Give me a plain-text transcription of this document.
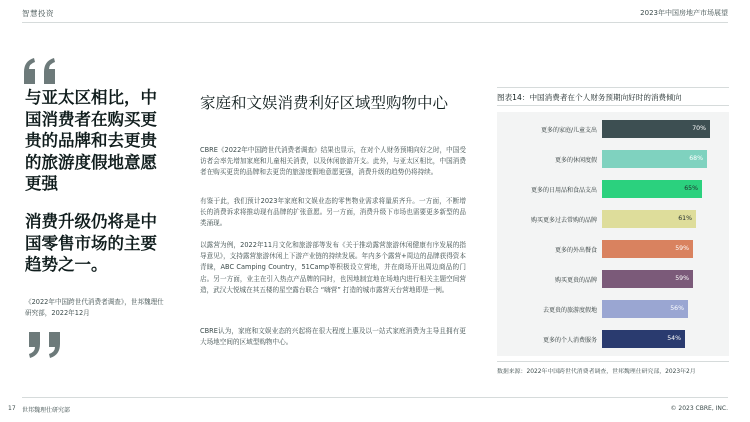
智慧投资	2023年中国房地产市场展望
与亚太区相比，中国消费者在购买更贵的品牌和去更贵的旅游度假地意愿更强
消费升级仍将是中国零售市场的主要趋势之一。
《2022年中国跨世代消费者调查》，世邦魏理仕研究部，2022年12月
家庭和文娱消费利好区域型购物中心
CBRE《2022年中国跨世代消费者调查》结果也显示，在对个人财务预期向好之时，中国受访者会率先增加家庭和儿童相关消费，以及休闲旅游开支。此外，与亚太区相比，中国消费者在购买更贵的品牌和去更贵的旅游度假地意愿更强，消费升级的趋势仍将持续。
有鉴于此，我们预计2023年家庭和文娱业态的零售物业需求将量质齐升。一方面，不断增长的消费诉求将推动现有品牌的扩张意愿。另一方面，消费升级下市场也需要更多新型的品类涌现。
以露营为例，2022年11月文化和旅游部等发布《关于推动露营旅游休闲健康有序发展的指导意见》，支持露营旅游休闲上下游产业链的持续发展。年内多个露营+周边的品牌获得资本青睐，ABC Camping Country，51Camp等积极设立营地，并在商场开出周边商品的门店。另一方面，业主在引入热点产品牌的同时，也因地制宜地在场地内进行相关主题空间营造，武汉大悦城在其五楼的星空露台联合 “嗨营” 打造的城市露营天台营地即是一例。
CBRE认为，家庭和文娱业态的兴起将在很大程度上惠及以一站式家庭消费为主导且拥有更大场地空间的区域型购物中心。
图表14：中国消费者在个人财务预期向好时的消费倾向
更多的家庭/儿童支出	70%
更多的休闲度假	68%
更多的日用品和食品支出	65%
购买更多过去常购的品牌	61%
更多的外出餐食	59%
购买更贵的品牌	59%
去更贵的旅游度假地	56%
更多的个人消费服务	54%
数据来源：2022年中国跨世代消费者调查，世邦魏理仕研究部，2023年2月
17 世邦魏理仕研究部	© 2023 CBRE, INC.
